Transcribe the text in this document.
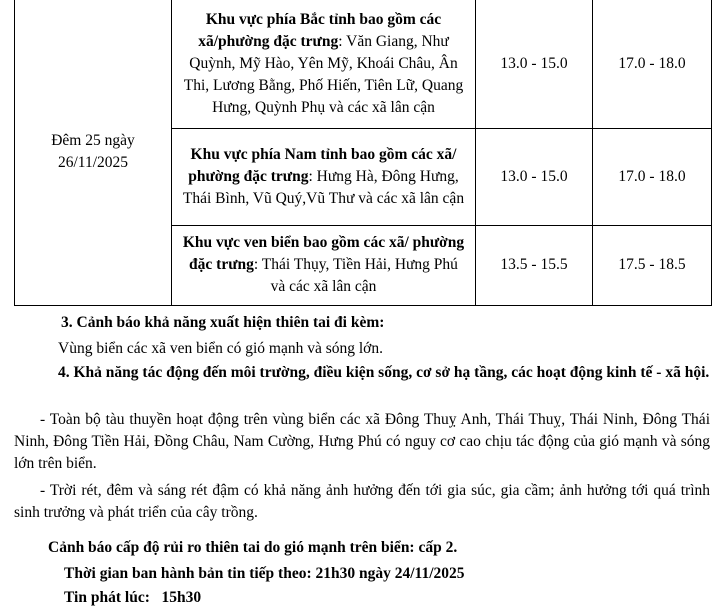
Đêm 25 ngày 26/11/2025	Khu vực phía Bắc tỉnh bao gồm các xã/phường đặc trưng: Văn Giang, Như Quỳnh, Mỹ Hào, Yên Mỹ, Khoái Châu, Ân Thi, Lương Bằng, Phố Hiến, Tiên Lữ, Quang Hưng, Quỳnh Phụ và các xã lân cận	13.0 - 15.0	17.0 - 18.0
	Khu vực phía Nam tỉnh bao gồm các xã/ phường đặc trưng: Hưng Hà, Đông Hưng, Thái Bình, Vũ Quý,Vũ Thư và các xã lân cận	13.0 - 15.0	17.0 - 18.0
	Khu vực ven biển bao gồm các xã/ phường đặc trưng: Thái Thụy, Tiền Hải, Hưng Phú và các xã lân cận	13.5 - 15.5	17.5 - 18.5
3. Cảnh báo khả năng xuất hiện thiên tai đi kèm:
Vùng biển các xã ven biển có gió mạnh và sóng lớn.
4. Khả năng tác động đến môi trường, điều kiện sống, cơ sở hạ tầng, các hoạt động kinh tế - xã hội.
- Toàn bộ tàu thuyền hoạt động trên vùng biển các xã Đông Thuỵ Anh, Thái Thuỵ, Thái Ninh, Đông Thái Ninh, Đông Tiền Hải, Đồng Châu, Nam Cường, Hưng Phú có nguy cơ cao chịu tác động của gió mạnh và sóng lớn trên biển.
- Trời rét, đêm và sáng rét đậm có khả năng ảnh hưởng đến tới gia súc, gia cầm; ảnh hưởng tới quá trình sinh trưởng và phát triển của cây trồng.
Cảnh báo cấp độ rủi ro thiên tai do gió mạnh trên biển: cấp 2.
Thời gian ban hành bản tin tiếp theo: 21h30 ngày 24/11/2025
Tin phát lúc:   15h30
